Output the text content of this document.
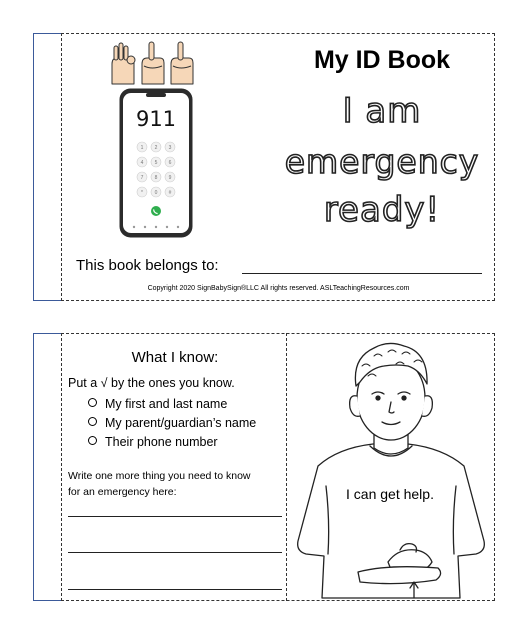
911
1 2 3
4 5 6
7 8 9
* 0 #
My ID Book
I am
emergency
ready!
This book belongs to:
Copyright 2020 SignBabySign®LLC All rights reserved. ASLTeachingResources.com
What I know:
Put a √ by the ones you know.
My first and last name
My parent/guardian’s name
Their phone number
Write one more thing you need to know
for an emergency here:	I can get help.
